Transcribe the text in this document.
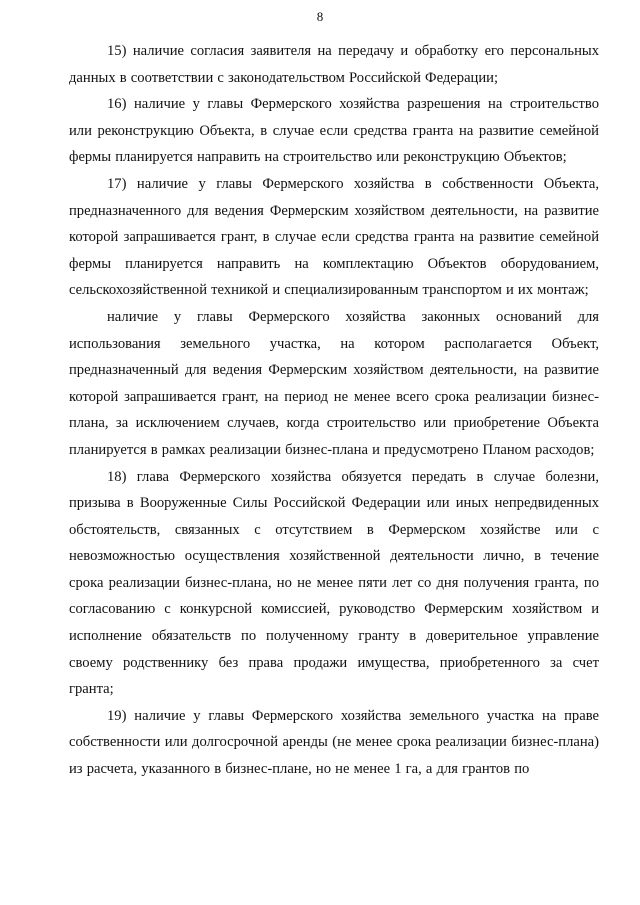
8

15) наличие согласия заявителя на передачу и обработку его персональных данных в соответствии с законодательством Российской Федерации;

16) наличие у главы Фермерского хозяйства разрешения на строительство или реконструкцию Объекта, в случае если средства гранта на развитие семейной фермы планируется направить на строительство или реконструкцию Объектов;

17) наличие у главы Фермерского хозяйства в собственности Объекта, предназначенного для ведения Фермерским хозяйством деятельности, на развитие которой запрашивается грант, в случае если средства гранта на развитие семейной фермы планируется направить на комплектацию Объектов оборудованием, сельскохозяйственной техникой и специализированным транспортом и их монтаж;

наличие у главы Фермерского хозяйства законных оснований для использования земельного участка, на котором располагается Объект, предназначенный для ведения Фермерским хозяйством деятельности, на развитие которой запрашивается грант, на период не менее всего срока реализации бизнес-плана, за исключением случаев, когда строительство или приобретение Объекта планируется в рамках реализации бизнес-плана и предусмотрено Планом расходов;

18) глава Фермерского хозяйства обязуется передать в случае болезни, призыва в Вооруженные Силы Российской Федерации или иных непредвиденных обстоятельств, связанных с отсутствием в Фермерском хозяйстве или с невозможностью осуществления хозяйственной деятельности лично, в течение срока реализации бизнес-плана, но не менее пяти лет со дня получения гранта, по согласованию с конкурсной комиссией, руководство Фермерским хозяйством и исполнение обязательств по полученному гранту в доверительное управление своему родственнику без права продажи имущества, приобретенного за счет гранта;

19) наличие у главы Фермерского хозяйства земельного участка на праве собственности или долгосрочной аренды (не менее срока реализации бизнес-плана) из расчета, указанного в бизнес-плане, но не менее 1 га, а для грантов по
